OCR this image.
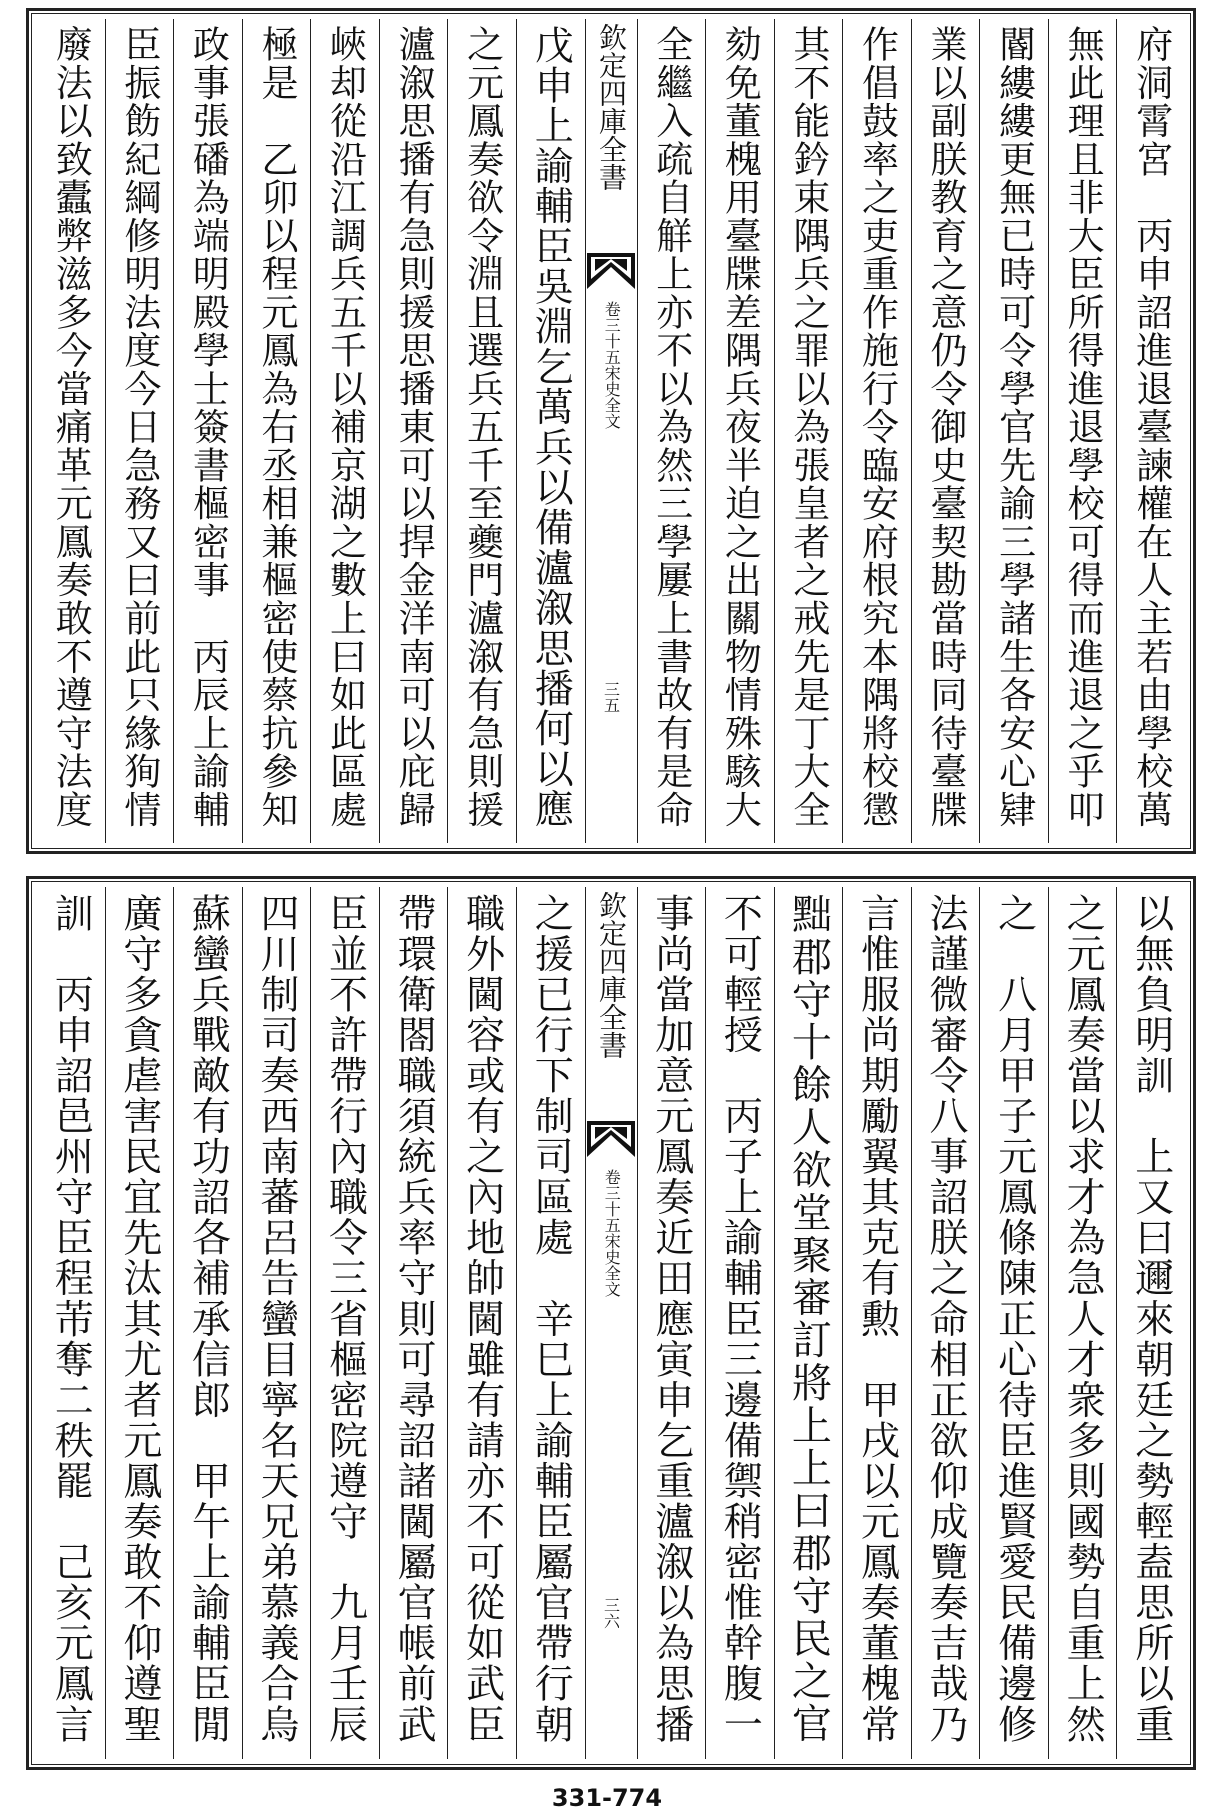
府洞霄宮　丙申詔進退臺諫權在人主若由學校萬
無此理且非大臣所得進退學校可得而進退之乎叩
閽縷縷更無已時可令學官先諭三學諸生各安心肄
業以副朕教育之意仍令御史臺契勘當時同待臺牒
作倡鼓率之吏重作施行令臨安府根究本隅將校懲
其不能鈐束隅兵之罪以為張皇者之戒先是丁大全
劾免董槐用臺牒差隅兵夜半迫之出關物情殊駭大
全繼入疏自觧上亦不以為然三學屢上書故有是命
欽定四庫全書
宋史全文
卷三十五
三五
戊申上諭輔臣吳淵乞萬兵以備瀘溆思播何以應
之元鳳奏欲令淵且選兵五千至夔門瀘溆有急則援
瀘溆思播有急則援思播東可以捍金洋南可以庇歸
峽却從沿江調兵五千以補京湖之數上曰如此區處
極是　乙卯以程元鳳為右丞相兼樞密使蔡抗參知
政事張磻為端明殿學士簽書樞密事　丙辰上諭輔
臣振飭紀綱修明法度今日急務又曰前此只緣狥情
廢法以致蠹弊滋多今當痛革元鳳奏敢不遵守法度
以無負明訓　上又曰邇來朝廷之勢輕盍思所以重
之元鳳奏當以求才為急人才衆多則國勢自重上然
之　八月甲子元鳳條陳正心待臣進賢愛民備邊修
法謹微審令八事詔朕之命相正欲仰成覽奏吉哉乃
言惟服尚期勵翼其克有勲　甲戌以元鳳奏董槐常
黜郡守十餘人欲堂聚審訂將上上曰郡守民之官
不可輕授　丙子上諭輔臣三邊備禦稍密惟幹腹一
事尚當加意元鳳奏近田應寅申乞重瀘溆以為思播
欽定四庫全書
宋史全文
卷三十五
三六
之援已行下制司區處　辛巳上諭輔臣屬官帶行朝
職外閫容或有之內地帥閫雖有請亦不可從如武臣
帶環衛閤職須統兵率守則可尋詔諸閫屬官帳前武
臣並不許帶行內職令三省樞密院遵守　九月壬辰
四川制司奏西南蕃呂告蠻目寧名天兄弟慕義合烏
蘇蠻兵戰敵有功詔各補承信郎　甲午上諭輔臣閒
廣守多貪虐害民宜先汰其尤者元鳳奏敢不仰遵聖
訓　丙申詔邑州守臣程芾奪二秩罷　己亥元鳳言
331-774
